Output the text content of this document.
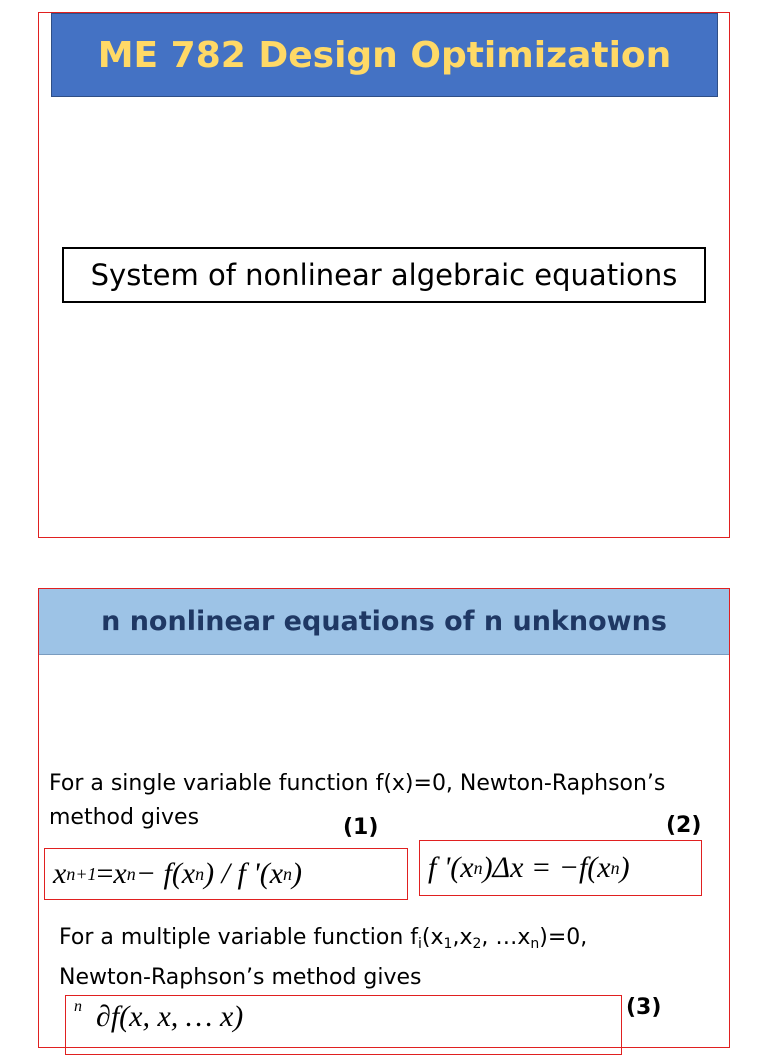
ME 782 Design Optimization
System of nonlinear algebraic equations
n nonlinear equations of n unknowns
For a single variable function f(x)=0, Newton-Raphson’s
method gives	(1)	(2)
x n+1 = x n − f(x n ) / f '(x n )	f '(x n )Δx = −f(x n )
For a multiple variable function $f_i(x_1,x_2$, $\dots x_n)=0$,
Newton-Raphson’s method gives
(3)
n ∂f(x, x, … x)
